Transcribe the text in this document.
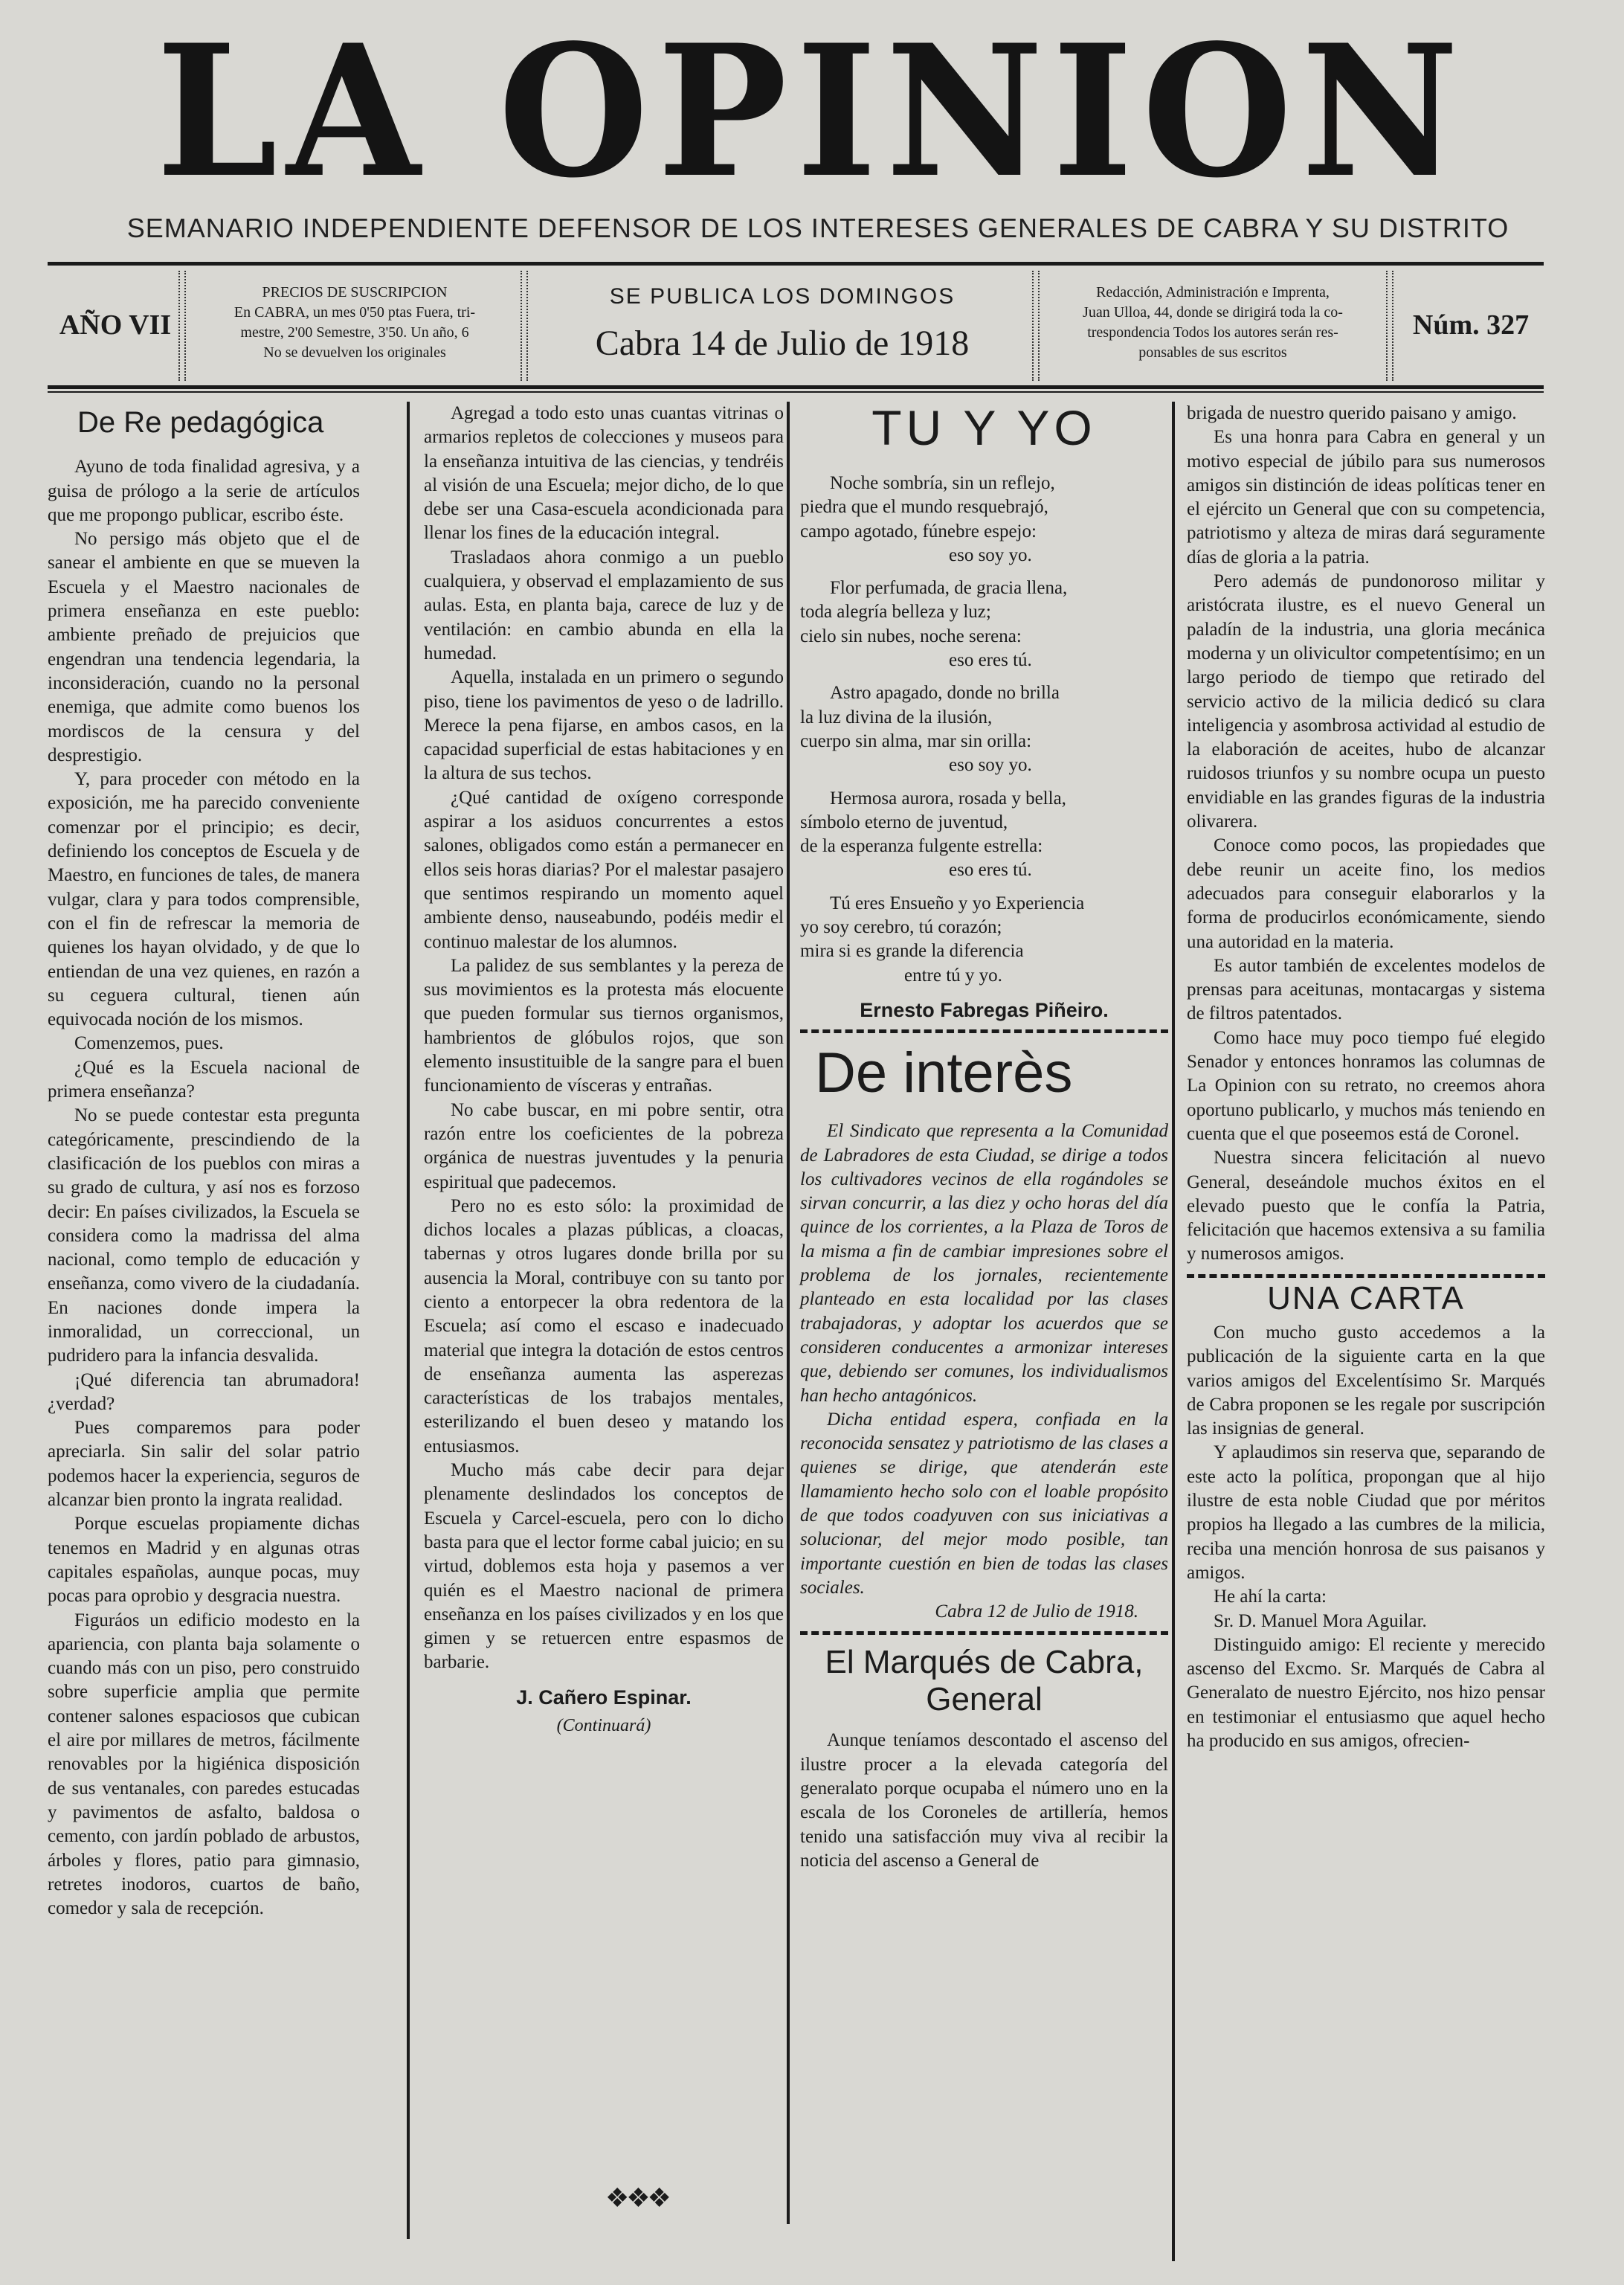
LA OPINION
SEMANARIO INDEPENDIENTE DEFENSOR DE LOS INTERESES GENERALES DE CABRA Y SU DISTRITO
AÑO VII
PRECIOS DE SUSCRIPCION
En CABRA, un mes 0'50 ptas Fuera, tri-
mestre, 2'00 Semestre, 3'50. Un año, 6
No se devuelven los originales
SE PUBLICA LOS DOMINGOS
Cabra 14 de Julio de 1918
Redacción, Administración e Imprenta,
Juan Ulloa, 44, donde se dirigirá toda la co-
trespondencia Todos los autores serán res-
ponsables de sus escritos
Núm. 327
De Re pedagógica

Ayuno de toda finalidad agresiva, y a guisa de prólogo a la serie de artículos que me propongo publicar, escribo éste.

No persigo más objeto que el de sanear el ambiente en que se mueven la Escuela y el Maestro nacionales de primera enseñanza en este pueblo: ambiente preñado de prejuicios que engendran una tendencia legendaria, la inconsideración, cuando no la personal enemiga, que admite como buenos los mordiscos de la censura y del desprestigio.

Y, para proceder con método en la exposición, me ha parecido conveniente comenzar por el principio; es decir, definiendo los conceptos de Escuela y de Maestro, en funciones de tales, de manera vulgar, clara y para todos comprensible, con el fin de refrescar la memoria de quienes los hayan olvidado, y de que lo entiendan de una vez quienes, en razón a su ceguera cultural, tienen aún equivocada noción de los mismos.

Comenzemos, pues.

¿Qué es la Escuela nacional de primera enseñanza?

No se puede contestar esta pregunta categóricamente, prescindiendo de la clasificación de los pueblos con miras a su grado de cultura, y así nos es forzoso decir: En países civilizados, la Escuela se considera como la madrissa del alma nacional, como templo de educación y enseñanza, como vivero de la ciudadanía. En naciones donde impera la inmoralidad, un correccional, un pudridero para la infancia desvalida.

¡Qué diferencia tan abrumadora! ¿verdad?

Pues comparemos para poder apreciarla. Sin salir del solar patrio podemos hacer la experiencia, seguros de alcanzar bien pronto la ingrata realidad.

Porque escuelas propiamente dichas tenemos en Madrid y en algunas otras capitales españolas, aunque pocas, muy pocas para oprobio y desgracia nuestra.

Figuráos un edificio modesto en la apariencia, con planta baja solamente o cuando más con un piso, pero construido sobre superficie amplia que permite contener salones espaciosos que cubican el aire por millares de metros, fácilmente renovables por la higiénica disposición de sus ventanales, con paredes estucadas y pavimentos de asfalto, baldosa o cemento, con jardín poblado de arbustos, árboles y flores, patio para gimnasio, retretes inodoros, cuartos de baño, comedor y sala de recepción.

Agregad a todo esto unas cuantas vitrinas o armarios repletos de colecciones y museos para la enseñanza intuitiva de las ciencias, y tendréis al visión de una Escuela; mejor dicho, de lo que debe ser una Casa-escuela acondicionada para llenar los fines de la educación integral.

Trasladaos ahora conmigo a un pueblo cualquiera, y observad el emplazamiento de sus aulas. Esta, en planta baja, carece de luz y de ventilación: en cambio abunda en ella la humedad.

Aquella, instalada en un primero o segundo piso, tiene los pavimentos de yeso o de ladrillo. Merece la pena fijarse, en ambos casos, en la capacidad superficial de estas habitaciones y en la altura de sus techos.

¿Qué cantidad de oxígeno corresponde aspirar a los asiduos concurrentes a estos salones, obligados como están a permanecer en ellos seis horas diarias? Por el malestar pasajero que sentimos respirando un momento aquel ambiente denso, nauseabundo, podéis medir el continuo malestar de los alumnos.

La palidez de sus semblantes y la pereza de sus movimientos es la protesta más elocuente que pueden formular sus tiernos organismos, hambrientos de glóbulos rojos, que son elemento insustituible de la sangre para el buen funcionamiento de vísceras y entrañas.

No cabe buscar, en mi pobre sentir, otra razón entre los coeficientes de la pobreza orgánica de nuestras juventudes y la penuria espiritual que padecemos.

Pero no es esto sólo: la proximidad de dichos locales a plazas públicas, a cloacas, tabernas y otros lugares donde brilla por su ausencia la Moral, contribuye con su tanto por ciento a entorpecer la obra redentora de la Escuela; así como el escaso e inadecuado material que integra la dotación de estos centros de enseñanza aumenta las asperezas características de los trabajos mentales, esterilizando el buen deseo y matando los entusiasmos.

Mucho más cabe decir para dejar plenamente deslindados los conceptos de Escuela y Carcel-escuela, pero con lo dicho basta para que el lector forme cabal juicio; en su virtud, doblemos esta hoja y pasemos a ver quién es el Maestro nacional de primera enseñanza en los países civilizados y en los que gimen y se retuercen entre espasmos de barbarie.

J. Cañero Espinar.
(Continuará)
TU Y YO
Noche sombría, sin un reflejo,
piedra que el mundo resquebrajó,
campo agotado, fúnebre espejo:
eso soy yo.
Flor perfumada, de gracia llena,
toda alegría belleza y luz;
cielo sin nubes, noche serena:
eso eres tú.
Astro apagado, donde no brilla
la luz divina de la ilusión,
cuerpo sin alma, mar sin orilla:
eso soy yo.
Hermosa aurora, rosada y bella,
símbolo eterno de juventud,
de la esperanza fulgente estrella:
eso eres tú.
Tú eres Ensueño y yo Experiencia
yo soy cerebro, tú corazón;
mira si es grande la diferencia
entre tú y yo.
Ernesto Fabregas Piñeiro.
De interès

El Sindicato que representa a la Comunidad de Labradores de esta Ciudad, se dirige a todos los cultivadores vecinos de ella rogándoles se sirvan concurrir, a las diez y ocho horas del día quince de los corrientes, a la Plaza de Toros de la misma a fin de cambiar impresiones sobre el problema de los jornales, recientemente planteado en esta localidad por las clases trabajadoras, y adoptar los acuerdos que se consideren conducentes a armonizar intereses que, debiendo ser comunes, los individualismos han hecho antagónicos.

Dicha entidad espera, confiada en la reconocida sensatez y patriotismo de las clases a quienes se dirige, que atenderán este llamamiento hecho solo con el loable propósito de que todos coadyuven con sus iniciativas a solucionar, del mejor modo posible, tan importante cuestión en bien de todas las clases sociales.

Cabra 12 de Julio de 1918.
El Marqués de Cabra,
General

Aunque teníamos descontado el ascenso del ilustre procer a la elevada categoría del generalato porque ocupaba el número uno en la escala de los Coroneles de artillería, hemos tenido una satisfacción muy viva al recibir la noticia del ascenso a General de

brigada de nuestro querido paisano y amigo.

Es una honra para Cabra en general y un motivo especial de júbilo para sus numerosos amigos sin distinción de ideas políticas tener en el ejército un General que con su competencia, patriotismo y alteza de miras dará seguramente días de gloria a la patria.

Pero además de pundonoroso militar y aristócrata ilustre, es el nuevo General un paladín de la industria, una gloria mecánica moderna y un olivicultor competentísimo; en un largo periodo de tiempo que retirado del servicio activo de la milicia dedicó su clara inteligencia y asombrosa actividad al estudio de la elaboración de aceites, hubo de alcanzar ruidosos triunfos y su nombre ocupa un puesto envidiable en las grandes figuras de la industria olivarera.

Conoce como pocos, las propiedades que debe reunir un aceite fino, los medios adecuados para conseguir elaborarlos y la forma de producirlos económicamente, siendo una autoridad en la materia.

Es autor también de excelentes modelos de prensas para aceitunas, montacargas y sistema de filtros patentados.

Como hace muy poco tiempo fué elegido Senador y entonces honramos las columnas de La Opinion con su retrato, no creemos ahora oportuno publicarlo, y muchos más teniendo en cuenta que el que poseemos está de Coronel.

Nuestra sincera felicitación al nuevo General, deseándole muchos éxitos en el elevado puesto que le confía la Patria, felicitación que hacemos extensiva a su familia y numerosos amigos.

UNA CARTA

Con mucho gusto accedemos a la publicación de la siguiente carta en la que varios amigos del Excelentísimo Sr. Marqués de Cabra proponen se les regale por suscripción las insignias de general.

Y aplaudimos sin reserva que, separando de este acto la política, propongan que al hijo ilustre de esta noble Ciudad que por méritos propios ha llegado a las cumbres de la milicia, reciba una mención honrosa de sus paisanos y amigos.

He ahí la carta:

Sr. D. Manuel Mora Aguilar.

Distinguido amigo: El reciente y merecido ascenso del Excmo. Sr. Marqués de Cabra al Generalato de nuestro Ejército, nos hizo pensar en testimoniar el entusiasmo que aquel hecho ha producido en sus amigos, ofrecien-

❖❖❖
